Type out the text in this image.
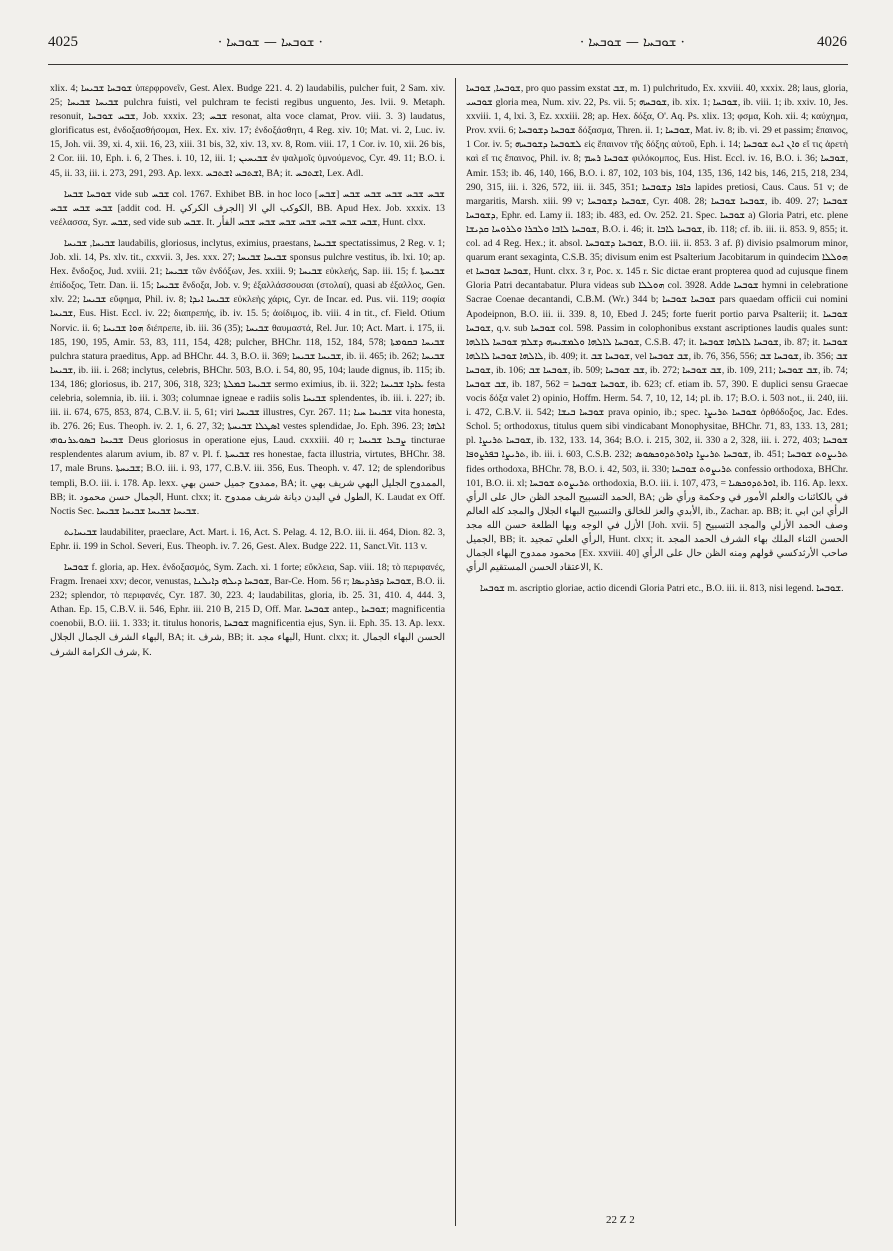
4025	· ܫܘܒܚܐ — ܫܘܒܚܐ ·	· ܫܘܒܚܐ — ܫܘܒܚܐ ·	4026

xlix. 4; ܫܘܒܚܐ ܫܒܝܚܐ ὑπερφρονεῖν, Gest. Alex. Budge 221. 4. 2) laudabilis, pulcher fuit, 2 Sam. xiv. 25; ܫܒܝܚܐ ܫܒܝܚܐ pulchra fuisti, vel pulchram te fecisti regibus unguento, Jes. lvii. 9. Metaph. resonuit, ܫܒܚ ܫܘܒܚܐ, Job. xxxix. 23; ܫܒܚ resonat, alta voce clamat, Prov. viii. 3. 3) laudatus, glorificatus est, ἐνδοξασθήσομαι, Hex. Ex. xiv. 17; ἐνδοξάσθητι, 4 Reg. xiv. 10; Mat. vi. 2, Luc. iv. 15, Joh. vii. 39, xi. 4, xii. 16, 23, xiii. 31 bis, 32, xiv. 13, xv. 8, Rom. viii. 17, 1 Cor. iv. 10, xii. 26 bis, 2 Cor. iii. 10, Eph. i. 6, 2 Thes. i. 10, 12, iii. 1; ܫܒܝܚܝܢ ἐν ψαλμοῖς ὑμνούμενος, Cyr. 49. 11; B.O. i. 45, ii. 33, iii. i. 273, 291, 293. Ap. lexx. ܐܫܬܒܚ ܐܫܬܒܚ, BA; it. ܐܫܬܒܚ, Lex. Adl.

ܫܘܒܚܐ ܫܒܚܐ vide sub ܫܒܚ col. 1767. Exhibet BB. in hoc loco [ܫܒܚ] ܫܒܚ ܫܒܚ ܫܒܚ ܫܒܚ ܫܒܚ ܫܒܚ ܫܒܚ ܫܒܚ [addit cod. H. ‎الكركي ‎الجرف] ‎‏الا‏ ‎‏الي‏ ‎الكوكب‎, BB. Apud Hex. Job. xxxix. 13 νεέλασσα, Syr. ܫܒܚ, sed vide sub ܫܒܚ. It. ܫܒܚ ܫܒܚ ܫܒܚ ܫܒܚ ܫܒܚ ܫܒܚ ܫܒܚ ‏الفأر‏, Hunt. clxx.

ܫܒܝܚܐ, ܫܒܝܚܐ laudabilis, gloriosus, inclytus, eximius, praestans, ܫܒܝܚܐ spectatissimus, 2 Reg. v. 1; Job. xli. 14, Ps. xlv. tit., cxxvii. 3, Jes. xxx. 27; ܫܒܝܚܐ ܫܒܝܚܐ sponsus pulchre vestitus, ib. lxi. 10; ap. Hex. ἔνδοξος, Jud. xviii. 21; ܫܒܝܚܐ τῶν ἐνδόξων, Jes. xxiii. 9; ܫܒܝܚܐ εὐκλεής, Sap. iii. 15; f. ܫܒܝܚܬܐ ἐπίδοξος, Tetr. Dan. ii. 15; ܫܒܝܚܐ ἔνδοξα, Job. v. 9; ἐξαλλάσσουσαι (στολαί), quasi ab ἐξαλλος, Gen. xlv. 22; ܫܒܝܚܐ εὔφημα, Phil. iv. 8; ܫܒܝܚܐ ܐܝܕܐ εὐκλεὴς χάρις, Cyr. de Incar. ed. Pus. vii. 119; σοφία ܫܒܝܚܐ, Eus. Hist. Eccl. iv. 22; διαπρεπής, ib. iv. 15. 5; ἀοίδιμος, ib. viii. 4 in tit., cf. Field. Otium Norvic. ii. 6; ܗܘܐ ܫܒܝܚܐ διέπρεπε, ib. iii. 36 (35); ܫܒܝܚܐ θαυμαστά, Rel. Jur. 10; Act. Mart. i. 175, ii. 185, 190, 195, Amir. 53, 83, 111, 154, 428; pulcher, BHChr. 118, 152, 184, 578; ܫܒܝܚܐ ܒܩܘܡܬܐ pulchra statura praeditus, App. ad BHChr. 44. 3, B.O. ii. 369; ܫܒܝܚܐ ܫܒܝܚܐ, ib. ii. 465; ib. 262; ܫܒܝܚܐ ܫܒܝܚܐ, ib. iii. i. 268; inclytus, celebris, BHChr. 503, B.O. i. 54, 80, 95, 104; laude dignus, ib. 115; ib. 134, 186; gloriosus, ib. 217, 306, 318, 323; ܫܒܝܚܐ ܒܡܠܬܐ sermo eximius, ib. ii. 322; ܥܐܕܐ ܫܒܝܚܐ festa celebria, solemnia, ib. iii. i. 303; columnae igneae e radiis solis ܫܒܝܚܐ splendentes, ib. iii. i. 227; ib. iii. ii. 674, 675, 853, 874, C.B.V. ii. 5, 61; viri ܫܒܝܚܐ illustres, Cyr. 267. 11; ܫܒܝܚܐ ܚܝܐ vita honesta, ib. 276. 26; Eus. Theoph. iv. 2. 1, 6. 27, 32; ܐܣܛܠܐ ܫܒܝܚܬܐ vestes splendidae, Jo. Eph. 396. 23; ܐܠܗܐ ܫܒܝܚܐ ܒܣܘܥܪܢܘܗܝ Deus gloriosus in operatione ejus, Laud. cxxxiii. 40 r; ܨܒܥܐ ܫܒܝܚܐ tincturae resplendentes alarum avium, ib. 87 v. Pl. f. ܫܒܝܚܬܐ res honestae, facta illustria, virtutes, BHChr. 38. 17, male Bruns. ܫܒܝܚܬܐ; B.O. iii. i. 93, 177, C.B.V. iii. 356, Eus. Theoph. v. 47. 12; de splendoribus templi, B.O. iii. i. 178. Ap. lexx. ‎بهي‎ ‎حسن‎ ‎جميل‎ ‎ممدوح‎, BA; it. ‎بهي‎ ‎شريف‎ ‎البهي‎ ‎الجليل‎ ‎الممدوح‎, BB; it. ‎محمود‎ ‎حسن‎ ‎الجمال‎, Hunt. clxx; it. ‎ممدوح‎ ‎شريف‎ ‎ديانة‎ ‎البدن‎ ‎في‎ ‎الطول‎, K. Laudat ex Off. Noctis Sec. ܫܒܝܚܐ ܫܒܝܚܐ ܫܒܝܚܐ ܫܒܝܚܐ.

ܫܒܝܚܐܝܬ laudabiliter, praeclare, Act. Mart. i. 16, Act. S. Pelag. 4. 12, B.O. iii. ii. 464, Dion. 82. 3, Ephr. ii. 199 in Schol. Severi, Eus. Theoph. iv. 7. 26, Gest. Alex. Budge 222. 11, Sanct.Vit. 113 v.

ܫܘܒܚܐ f. gloria, ap. Hex. ἐνδοξασμός, Sym. Zach. xi. 1 forte; εὔκλεια, Sap. viii. 18; τὸ περιφανές, Fragm. Irenaei xxv; decor, venustas, ܫܘܒܚܐ ܕܝܠܗ ܕܐܝܠܢܐ, Bar-Ce. Hom. 56 r; ܫܘܒܚܐ ܕܦܪܕܝܣܐ, B.O. ii. 232; splendor, τὸ περιφανές, Cyr. 187. 30, 223. 4; laudabilitas, gloria, ib. 25. 31, 410. 4, 444. 3, Athan. Ep. 15, C.B.V. ii. 546, Ephr. iii. 210 B, 215 D, Off. Mar. ܫܘܒܚܐ antep., ܫܘܒܚܐ; magnificentia coenobii, B.O. iii. 1. 333; it. titulus honoris, ܫܘܒܚܐ magnificentia ejus, Syn. ii. Eph. 35. 13. Ap. lexx. ‎الجلال‎ ‎الجمال‎ ‎الشرف‎ ‎البهاء‎, BA; it. ‎شرف‎, BB; it. ‎مجد‎ ‎البهاء‎, Hunt. clxx; it. ‎الجمال‎ ‎البهاء‎ ‎الحسن‎ ‎الشرف‎ ‎الكرامة‎ ‎شرف‎, K.

ܫܘܒܚܐ, ܫܘܒܚܐ, pro quo passim exstat ܫܒ, m. 1) pulchritudo, Ex. xxviii. 40, xxxix. 28; laus, gloria, ܫܘܒܚܝ gloria mea, Num. xiv. 22, Ps. vii. 5; ܫܘܒܚܗ, ib. xix. 1; ܫܘܒܚܐ, ib. viii. 1; ib. xxiv. 10, Jes. xxviii. 1, 4, lxi. 3, Ez. xxxiii. 28; ap. Hex. δόξα, O'. Aq. Ps. xlix. 13; φσμα, Koh. xii. 4; καύχημα, Prov. xvii. 6; ܫܘܒܚܐ ܕܫܘܒܚܐ δόξασμα, Thren. ii. 1; ܫܘܒܚܐ, Mat. iv. 8; ib. vi. 29 et passim; ἔπαινος, 1 Cor. iv. 5; ܠܫܘܒܚܐ ܕܫܘܒܚܗ εἰς ἔπαινον τῆς δόξης αὐτοῦ, Eph. i. 14; ܘܐܢ ܐܝܬ ܫܘܒܚܐ εἴ τις ἀρετὴ καὶ εἴ τις ἔπαινος, Phil. iv. 8; ܫܘܒܚܐ ܪܚܡ φιλόκομπος, Eus. Hist. Eccl. iv. 16, B.O. i. 36; ܫܘܒܚܐ, Amir. 153; ib. 46, 140, 166, B.O. i. 87, 102, 103 bis, 104, 135, 136, 142 bis, 146, 215, 218, 234, 290, 315, iii. i. 326, 572, iii. ii. 345, 351; ܟܐܦܐ ܕܫܘܒܚܐ lapides pretiosi, Caus. Caus. 51 v; de margaritis, Marsh. xiii. 99 v; ܫܘܒܚܐ ܕܫܘܒܚܐ, Cyr. 408. 28; ܫܘܒܚܐ ܫܘܒܚܐ, ib. 409. 27; ܫܘܒܚܐ ܕܫܘܒܚܐ, Ephr. ed. Lamy ii. 183; ib. 483, ed. Ov. 252. 21. Spec. ܫܘܒܚܐ a) Gloria Patri, etc. plene ܫܘܒܚܐ ܠܐܒܐ ܘܠܒܪܐ ܘܠܪܘܚܐ ܩܕܝܫܐ, B.O. i. 46; it. ܫܘܒܚܐ ܠܐܒܐ, ib. 118; cf. ib. iii. ii. 853. 9, 855; it. col. ad 4 Reg. Hex.; it. absol. ܫܘܒܚܐ ܕܫܘܒܚܐ, B.O. iii. ii. 853. 3 af. β) divisio psalmorum minor, quarum erant sexaginta, C.S.B. 35; divisum enim est Psalterium Jacobitarum in quindecim ܗܘܠܠܐ et ܫܘܒܚܐ ܫܘܒܚܐ, Hunt. clxx. 3 r, Poc. x. 145 r. Sic dictae erant propterea quod ad cujusque finem Gloria Patri decantabatur. Plura videas sub ܗܘܠܠܐ col. 3928. Adde ܫܘܒܚܐ hymni in celebratione Sacrae Coenae decantandi, C.B.M. (Wr.) 344 b; ܫܘܒܚܐ ܫܘܒܚܐ pars quaedam officii cui nomini Apodeipnon, B.O. iii. ii. 339. 8, 10, Ebed J. 245; forte fuerit portio parva Psalterii; it. ܫܘܒܚܐ ܫܘܒܚܐ, q.v. sub ܫܘܒܚܐ col. 598. Passim in colophonibus exstant ascriptiones laudis quales sunt: ܫܘܒܚܐ ܠܐܠܗܐ ܘܠܡܫܝܚܗ ܕܫܠܡ ܫܘܒܚܐ ܠܐܠܗܐ, C.S.B. 47; it. ܫܘܒܚܐ ܠܐܠܗܐ ܫܘܒܚܐ, ib. 87; it. ܫܘܒܚܐ ܠܐܠܗܐ ܫܘܒܚܐ ܠܐܠܗܐ, ib. 409; it. ܫܘܒܚܐ ܫܒ, vel ܫܒ ܫܘܒܚܐ, ib. 76, 356, 556; ܫܘܒܚܐ ܫܒ, ib. 356; ܫܒ ܫܘܒܚܐ, ib. 106; ܫܘܒܚܐ ܫܒ, ib. 509; ܫܒ ܫܘܒܚܐ, ib. 272; ܫܒ ܫܘܒܚܐ, ib. 109, 211; ܫܒ ܫܘܒܚܐ, ib. 74; ܫܒ ܫܘܒܚܐ, ib. 187, 562 = ܫܘܒܚܐ ܫܘܒܚܐ, ib. 623; cf. etiam ib. 57, 390. E duplici sensu Graecae vocis δόξα valet 2) opinio, Hoffm. Herm. 54. 7, 10, 12, 14; pl. ib. 17; B.O. i. 503 not., ii. 240, iii. i. 472, C.B.V. ii. 542; ܫܘܒܚܐ ܒܝܫܐ prava opinio, ib.; spec. ܫܘܒܚܐ ܬܪܝܨܐ ὀρθόδοξος, Jac. Edes. Schol. 5; orthodoxus, titulus quem sibi vindicabant Monophysitae, BHChr. 71, 83, 133. 13, 281; pl. ܫܘܒܚܐ ܬܪܝܨܐ, ib. 132, 133. 14, 364; B.O. i. 215, 302, ii. 330 a 2, 328, iii. i. 272, 403; ܫܘܒܚܐ ܬܪܝܨܐ ܒܦܪܨܘܦܐ, ib. iii. i. 603, C.S.B. 232; ܫܘܒܚܐ ܬܪܝܨܐ ܕܐܘܪܬܕܘܟܣܘܣ, ib. 451; ܬܪܝܨܘܬ ܫܘܒܚܐ fides orthodoxa, BHChr. 78, B.O. i. 42, 503, ii. 330; ܬܪܝܨܘܬ ܫܘܒܚܐ confessio orthodoxa, BHChr. 101, B.O. ii. xl; ܬܪܝܨܘܬ ܫܘܒܚܐ orthodoxia, B.O. iii. i. 107, 473, = ܐܘܪܬܕܘܟܣܝܐ, ib. 116. Ap. lexx. ‎الرأي‎ ‎على‎ ‎حال‎ ‎الظن‎ ‎المجد‎ ‎التسبيح‎ ‎الحمد‎, BA; ‎ظن‎ ‎ورأي‎ ‎وحكمة‎ ‎في‎ ‎الأمور‎ ‎والعلم‎ ‎بالكائنات‎ ‎في‎ ‎العالم‎ ‎كله‎ ‎والمجد‎ ‎الجلال‎ ‎البهاء‎ ‎والتسبيح‎ ‎للخالق‎ ‎والعز‎ ‎الأبدي‎, ib., Zachar. ap. BB; it. ‎ابي‎ ‎ابن‎ ‎الرأي‎ ‎مجد‎ ‎الله‎ ‎حسن‎ ‎الطلعة‎ ‎وبها‎ ‎الوجه‎ ‎في‎ ‎الأزل‎ [Joh. xvii. 5] ‎التسبيح‎ ‎والمجد‎ ‎الأزلي‎ ‎الحمد‎ ‎وصف‎ ‎الجميل‎, BB; it. ‎تمجيد‎ ‎العلي‎ ‎الرأي‎, Hunt. clxx; it. ‎المجد‎ ‎الحمد‎ ‎الشرف‎ ‎بهاء‎ ‎الملك‎ ‎الثناء‎ ‎الحسن‎ ‎الجمال‎ ‎البهاء‎ ‎ممدوح‎ ‎محمود‎ [Ex. xxviii. 40] ‎الرأي‎ ‎على‎ ‎حال‎ ‎الظن‎ ‎ومنه‎ ‎قولهم‎ ‎الأرثدكسي‎ ‎صاحب‎ ‎الرأي‎ ‎المستقيم‎ ‎الحسن‎ ‎الاعتقاد‎, K.

ܫܘܒܚܐ m. ascriptio gloriae, actio dicendi Gloria Patri etc., B.O. iii. ii. 813, nisi legend. ܫܘܒܚܐ.

22 Z 2
